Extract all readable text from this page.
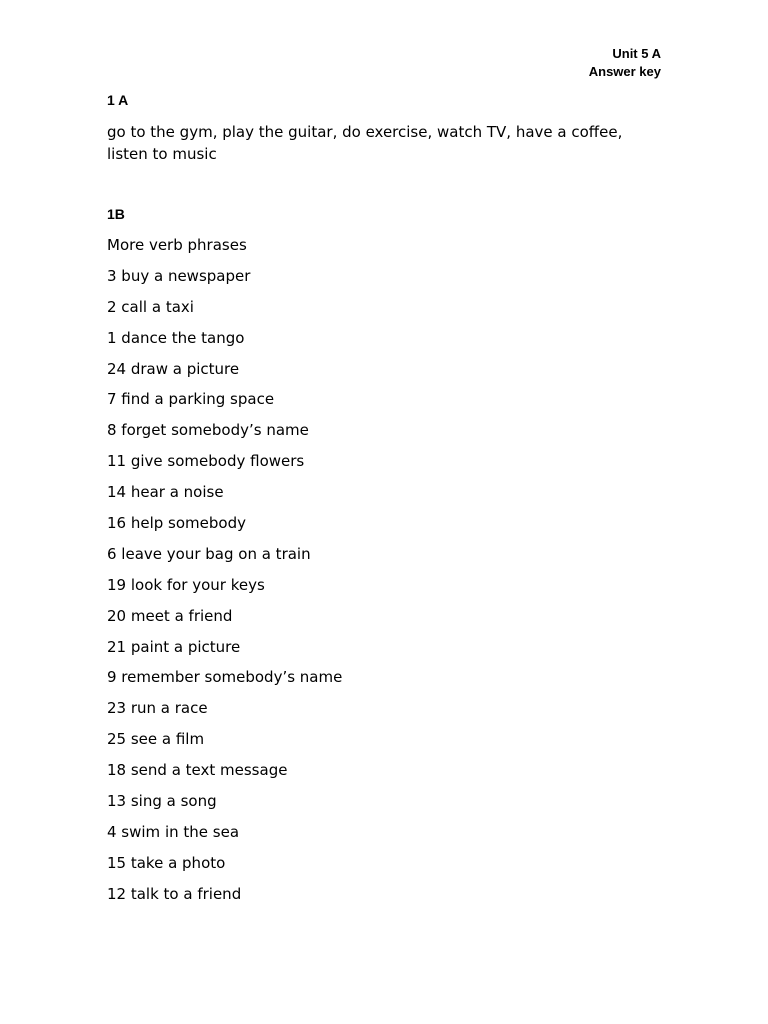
Unit 5 A
Answer key
1 A
go to the gym, play the guitar, do exercise, watch TV, have a coffee, listen to music
1B
More verb phrases
3 buy a newspaper
2 call a taxi
1 dance the tango
24 draw a picture
7 find a parking space
8 forget somebody’s name
11 give somebody flowers
14 hear a noise
16 help somebody
6 leave your bag on a train
19 look for your keys
20 meet a friend
21 paint a picture
9 remember somebody’s name
23 run a race
25 see a film
18 send a text message
13 sing a song
4 swim in the sea
15 take a photo
12 talk to a friend
